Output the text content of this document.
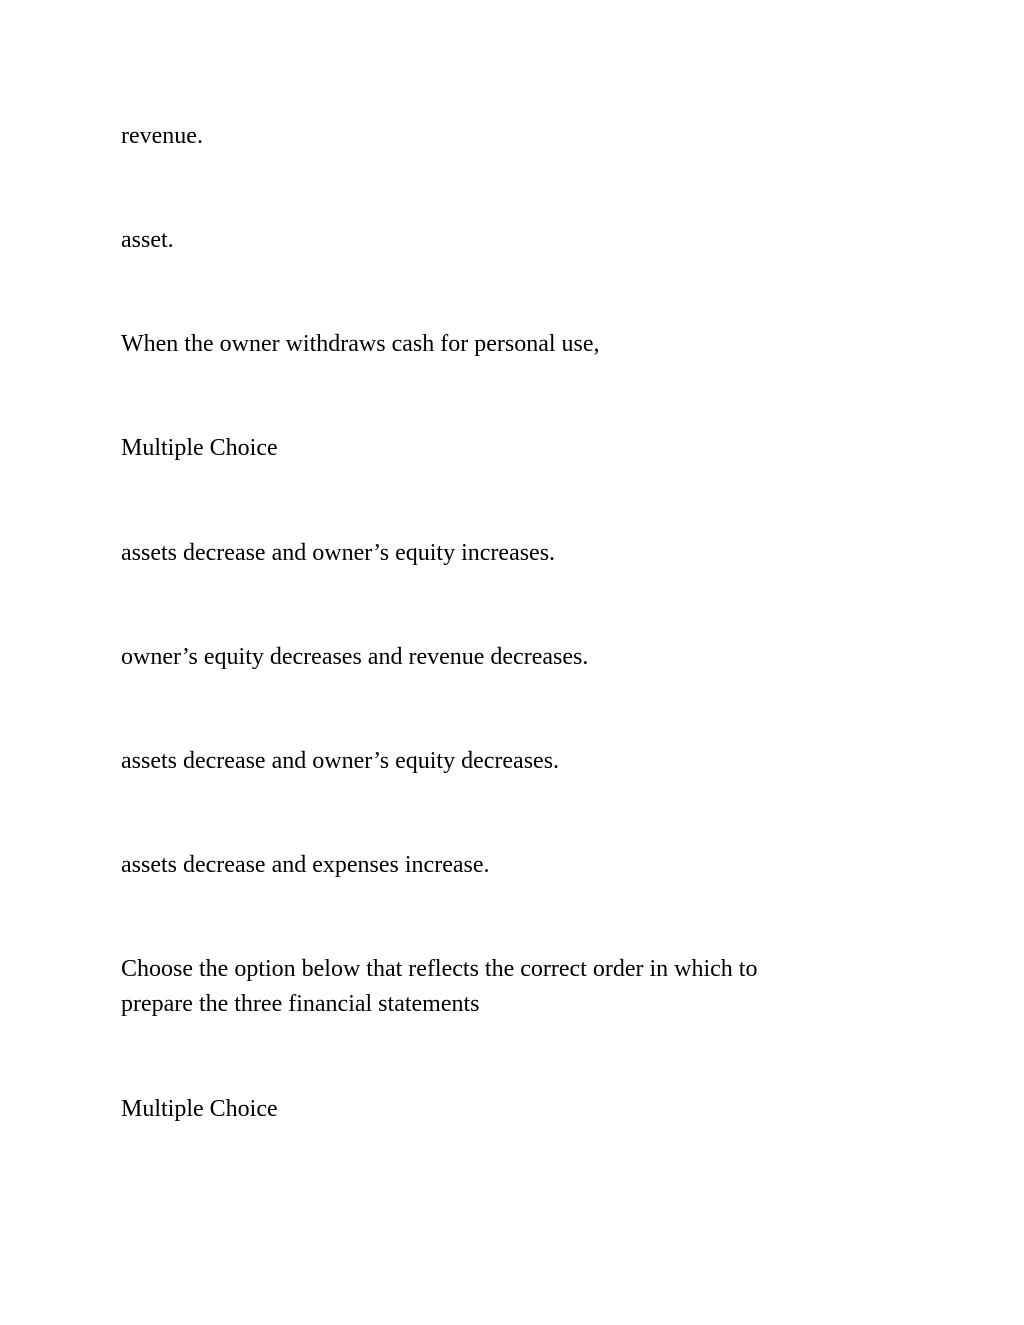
revenue.

asset.

When the owner withdraws cash for personal use,

Multiple Choice

assets decrease and owner’s equity increases.

owner’s equity decreases and revenue decreases.

assets decrease and owner’s equity decreases.

assets decrease and expenses increase.

Choose the option below that reflects the correct order in which to

prepare the three financial statements

Multiple Choice
